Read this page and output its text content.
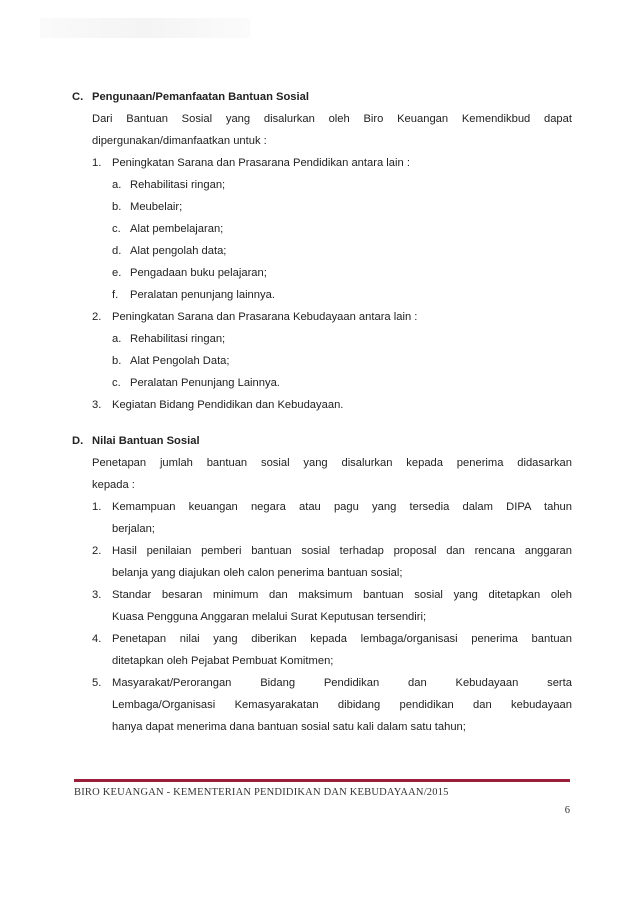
C. Pengunaan/Pemanfaatan Bantuan Sosial
Dari Bantuan Sosial yang disalurkan oleh Biro Keuangan Kemendikbud dapat
dipergunakan/dimanfaatkan untuk :
1. Peningkatan Sarana dan Prasarana Pendidikan antara lain :
a. Rehabilitasi ringan;
b. Meubelair;
c. Alat pembelajaran;
d. Alat pengolah data;
e. Pengadaan buku pelajaran;
f.	Peralatan penunjang lainnya.
2. Peningkatan Sarana dan Prasarana Kebudayaan antara lain :
a. Rehabilitasi ringan;
b. Alat Pengolah Data;
c. Peralatan Penunjang Lainnya.
3. Kegiatan Bidang Pendidikan dan Kebudayaan.
D. Nilai Bantuan Sosial
Penetapan jumlah bantuan sosial yang disalurkan kepada penerima didasarkan
kepada :
1. Kemampuan keuangan negara atau pagu yang tersedia dalam DIPA tahun
berjalan;
2. Hasil penilaian pemberi bantuan sosial terhadap proposal dan rencana anggaran
belanja yang diajukan oleh calon penerima bantuan sosial;
3. Standar besaran minimum dan maksimum bantuan sosial yang ditetapkan oleh
Kuasa Pengguna Anggaran melalui Surat Keputusan tersendiri;
4. Penetapan nilai yang diberikan kepada lembaga/organisasi penerima bantuan
ditetapkan oleh Pejabat Pembuat Komitmen;
5. Masyarakat/Perorangan Bidang Pendidikan dan Kebudayaan serta
Lembaga/Organisasi Kemasyarakatan dibidang pendidikan dan kebudayaan
hanya dapat menerima dana bantuan sosial satu kali dalam satu tahun;
BIRO KEUANGAN - KEMENTERIAN PENDIDIKAN DAN KEBUDAYAAN/2015
6
